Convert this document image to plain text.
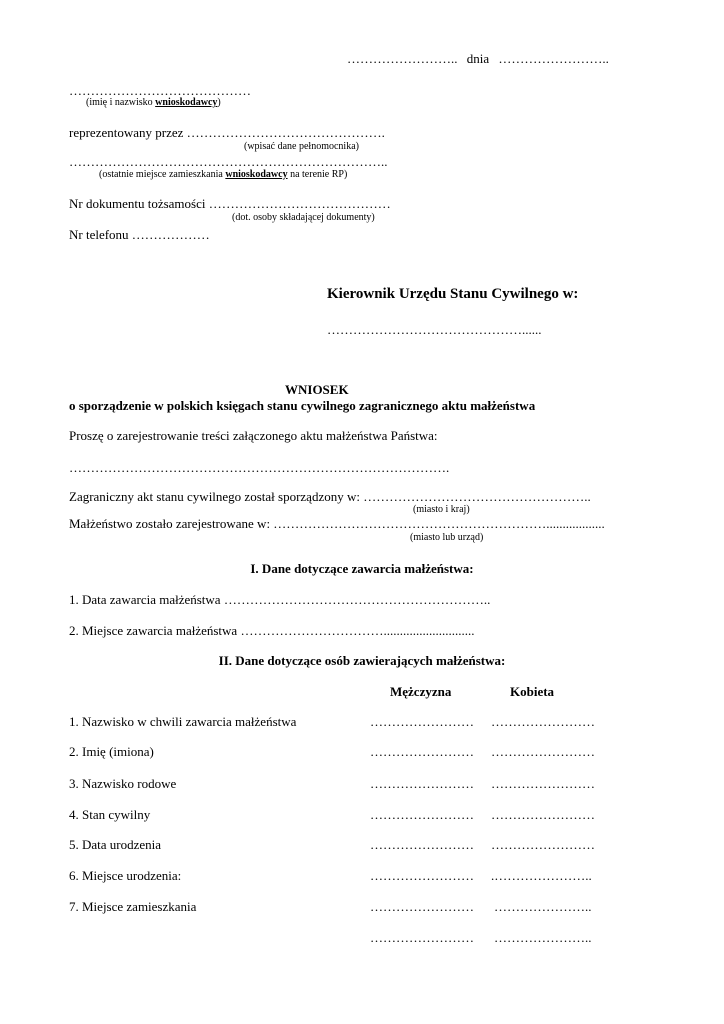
…………………….. dnia ……………………..
……………………………………
(imię i nazwisko wnioskodawcy)
reprezentowany przez ……………………………………….
(wpisać dane pełnomocnika)
………………………………………………………………..
(ostatnie miejsce zamieszkania wnioskodawcy na terenie RP)
Nr dokumentu tożsamości ……………………………………
(dot. osoby składającej dokumenty)
Nr telefonu ………………
Kierownik Urzędu Stanu Cywilnego w:
………………………………………......
WNIOSEK
o sporządzenie w polskich księgach stanu cywilnego zagranicznego aktu małżeństwa
Proszę o zarejestrowanie treści załączonego aktu małżeństwa Państwa:
…………………………………………………………………………….
Zagraniczny akt stanu cywilnego został sporządzony w: ……………………………………………..
(miasto i kraj)
Małżeństwo zostało zarejestrowane w: ………………………………………………………..................
(miasto lub urząd)
I. Dane dotyczące zawarcia małżeństwa:
1. Data zawarcia małżeństwa ……………………………………………………..
2. Miejsce zawarcia małżeństwa ……………………………............................
II. Dane dotyczące osób zawierających małżeństwa:
Mężczyzna	Kobieta
1. Nazwisko w chwili zawarcia małżeństwa	…………………… ……………………
2. Imię (imiona)	…………………… ……………………
3. Nazwisko rodowe	…………………… ……………………
4. Stan cywilny	…………………… ……………………
5. Data urodzenia	…………………… ……………………
6. Miejsce urodzenia:	…………………… .…………………..
7. Miejsce zamieszkania	…………………… …………………..
…………………… …………………..
